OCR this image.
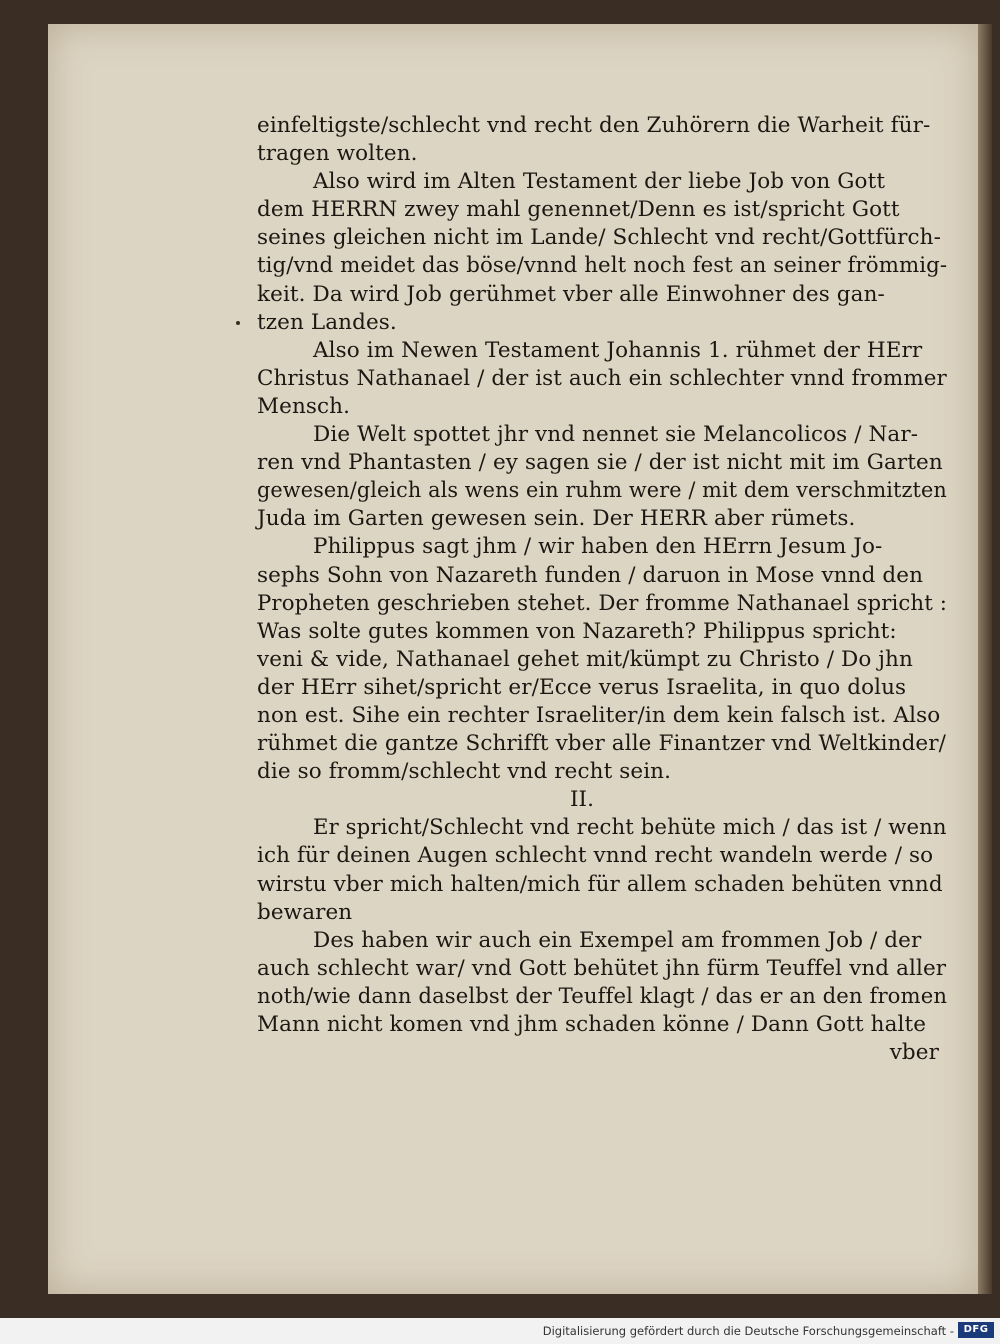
einfeltigste/schlecht vnd recht den Zuhörern die Warheit für-
tragen wolten.
Also wird im Alten Testament der liebe Job von Gott
dem HERRN zwey mahl genennet/Denn es ist/spricht Gott
seines gleichen nicht im Lande/ Schlecht vnd recht/Gottfürch-
tig/vnd meidet das böse/vnnd helt noch fest an seiner frömmig-
keit. Da wird Job gerühmet vber alle Einwohner des gan-
tzen Landes.
Also im Newen Testament Johannis 1. rühmet der HErr
Christus Nathanael / der ist auch ein schlechter vnnd frommer
Mensch.
Die Welt spottet jhr vnd nennet sie Melancolicos / Nar-
ren vnd Phantasten / ey sagen sie / der ist nicht mit im Garten
gewesen/gleich als wens ein ruhm were / mit dem verschmitzten
Juda im Garten gewesen sein. Der HERR aber rümets.
Philippus sagt jhm / wir haben den HErrn Jesum Jo-
sephs Sohn von Nazareth funden / daruon in Mose vnnd den
Propheten geschrieben stehet. Der fromme Nathanael spricht :
Was solte gutes kommen von Nazareth? Philippus spricht:
veni & vide, Nathanael gehet mit/kümpt zu Christo / Do jhn
der HErr sihet/spricht er/Ecce verus Israelita, in quo dolus
non est. Sihe ein rechter Israeliter/in dem kein falsch ist. Also
rühmet die gantze Schrifft vber alle Finantzer vnd Weltkinder/
die so fromm/schlecht vnd recht sein.
II.
Er spricht/Schlecht vnd recht behüte mich / das ist / wenn
ich für deinen Augen schlecht vnnd recht wandeln werde / so
wirstu vber mich halten/mich für allem schaden behüten vnnd
bewaren
Des haben wir auch ein Exempel am frommen Job / der
auch schlecht war/ vnd Gott behütet jhn fürm Teuffel vnd aller
noth/wie dann daselbst der Teuffel klagt / das er an den fromen
Mann nicht komen vnd jhm schaden könne / Dann Gott halte
vber
Digitalisierung gefördert durch die Deutsche Forschungsgemeinschaft - DFG
